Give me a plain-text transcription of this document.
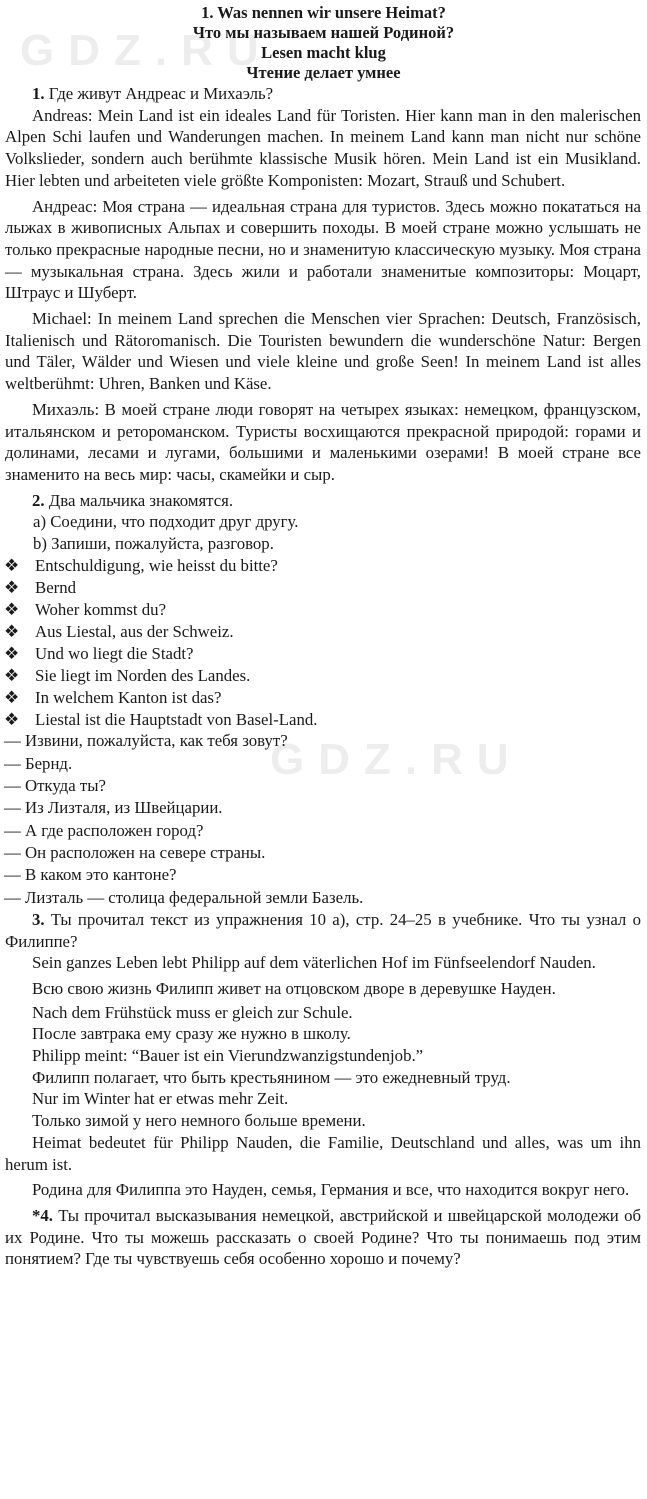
GDZ.RU
GDZ.RU

1. Was nennen wir unsere Heimat?

Что мы называем нашей Родиной?

Lesen macht klug

Чтение делает умнее

1. Где живут Андреас и Михаэль?

Andreas: Mein Land ist ein ideales Land für Toristen. Hier kann man in den malerischen Alpen Schi laufen und Wanderungen machen. In meinem Land kann man nicht nur schöne Volkslieder, sondern auch berühmte klassische Musik hören. Mein Land ist ein Musikland. Hier lebten und arbeiteten viele größte Komponisten: Mozart, Strauß und Schubert.

Андреас: Моя страна — идеальная страна для туристов. Здесь можно покататься на лыжах в живописных Альпах и совершить походы. В моей стране можно услышать не только прекрасные народные песни, но и знаменитую классическую музыку. Моя страна — музыкальная страна. Здесь жили и работали знаменитые композиторы: Моцарт, Штраус и Шуберт.

Michael: In meinem Land sprechen die Menschen vier Sprachen: Deutsch, Französisch, Italienisch und Rätoromanisch. Die Touristen bewundern die wunderschöne Natur: Bergen und Täler, Wälder und Wiesen und viele kleine und große Seen! In meinem Land ist alles weltberühmt: Uhren, Banken und Käse.

Михаэль: В моей стране люди говорят на четырех языках: немецком, французском, итальянском и ретороманском. Туристы восхищаются прекрасной природой: горами и долинами, лесами и лугами, большими и маленькими озерами! В моей стране все знаменито на весь мир: часы, скамейки и сыр.

2. Два мальчика знакомятся.

a) Соедини, что подходит друг другу.

b) Запиши, пожалуйста, разговор.

❖ Entschuldigung, wie heisst du bitte?
❖ Bernd
❖ Woher kommst du?
❖ Aus Liestal, aus der Schweiz.
❖ Und wo liegt die Stadt?
❖ Sie liegt im Norden des Landes.
❖ In welchem Kanton ist das?
❖ Liestal ist die Hauptstadt von Basel-Land.

— Извини, пожалуйста, как тебя зовут?

— Бернд.

— Откуда ты?

— Из Лизталя, из Швейцарии.

— А где расположен город?

— Он расположен на севере страны.

— В каком это кантоне?

— Лизталь — столица федеральной земли Базель.

3. Ты прочитал текст из упражнения 10 а), стр. 24–25 в учебнике. Что ты узнал о Филиппе?

Sein ganzes Leben lebt Philipp auf dem väterlichen Hof im Fünfseelendorf Nauden.

Всю свою жизнь Филипп живет на отцовском дворе в деревушке Науден.

Nach dem Frühstück muss er gleich zur Schule.

После завтрака ему сразу же нужно в школу.

Philipp meint: “Bauer ist ein Vierundzwanzigstundenjob.”

Филипп полагает, что быть крестьянином — это ежедневный труд.

Nur im Winter hat er etwas mehr Zeit.

Только зимой у него немного больше времени.

Heimat bedeutet für Philipp Nauden, die Familie, Deutschland und alles, was um ihn herum ist.

Родина для Филиппа это Науден, семья, Германия и все, что находится вокруг него.

*4. Ты прочитал высказывания немецкой, австрийской и швейцарской молодежи об их Родине. Что ты можешь рассказать о своей Родине? Что ты понимаешь под этим понятием? Где ты чувствуешь себя особенно хорошо и почему?
